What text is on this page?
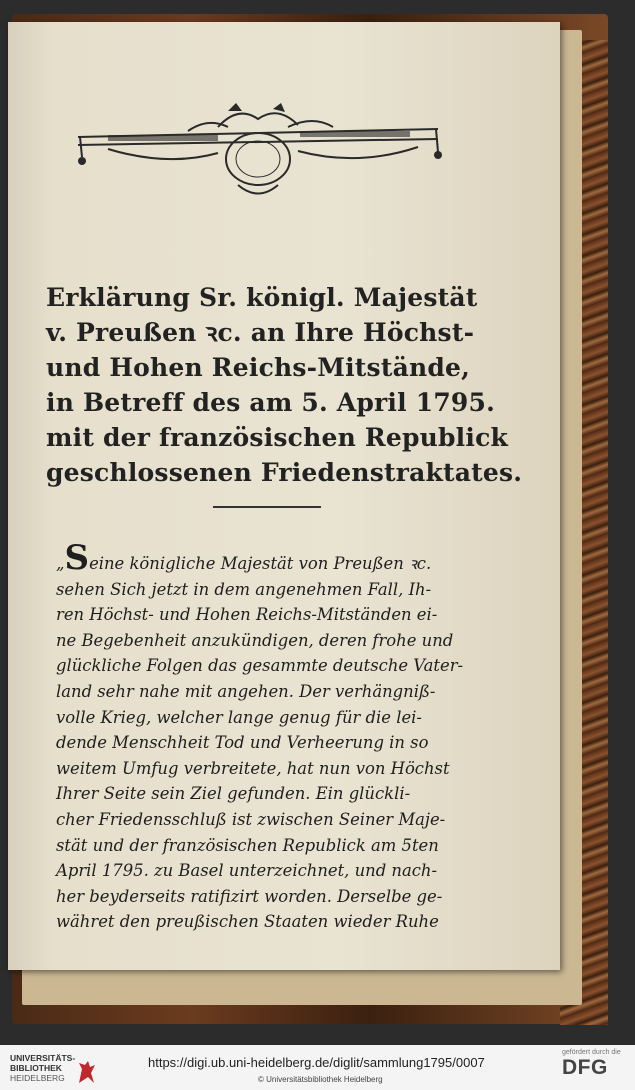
Erklärung Sr. königl. Majestät
v. Preußen ꝛc. an Ihre Höchst-
und Hohen Reichs-Mitstände,
in Betreff des am 5. April 1795.
mit der französischen Republick
geschlossenen Friedenstraktates.
„Seine königliche Majestät von Preußen ꝛc.
sehen Sich jetzt in dem angenehmen Fall, Ih-
ren Höchst- und Hohen Reichs-Mitständen ei-
ne Begebenheit anzukündigen, deren frohe und
glückliche Folgen das gesammte deutsche Vater-
land sehr nahe mit angehen. Der verhängniß-
volle Krieg, welcher lange genug für die lei-
dende Menschheit Tod und Verheerung in so
weitem Umfug verbreitete, hat nun von Höchst
Ihrer Seite sein Ziel gefunden. Ein glückli-
cher Friedensschluß ist zwischen Seiner Maje-
stät und der französischen Republick am 5ten
April 1795. zu Basel unterzeichnet, und nach-
her beyderseits ratifizirt worden. Derselbe ge-
währet den preußischen Staaten wieder Ruhe
UNIVERSITÄTS-
BIBLIOTHEK
HEIDELBERG
https://digi.ub.uni-heidelberg.de/diglit/sammlung1795/0007
© Universitätsbibliothek Heidelberg
gefördert durch die
DFG
